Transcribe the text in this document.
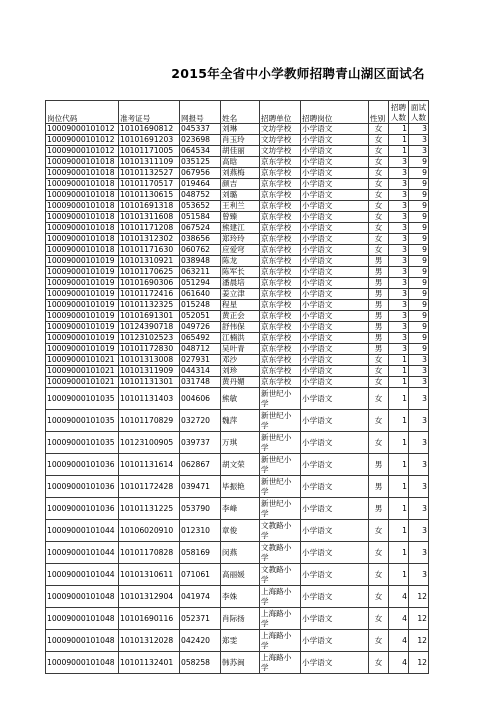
2015年全省中小学教师招聘青山湖区面试名
岗位代码	准考证号	网报号	姓名	招聘单位	招聘岗位	性别	招聘
人数	面试
人数

10009000101012	10101690812	045337	刘琳	文坊学校	小学语文	女	1	3
10009000101012	10101691203	023698	肖玉玲	文坊学校	小学语文	女	1	3
10009000101012	10101171005	064534	胡佳丽	文坊学校	小学语文	女	1	3
10009000101018	10101311109	035125	高晗	京东学校	小学语文	女	3	9
10009000101018	10101132527	067956	刘燕梅	京东学校	小学语文	女	3	9
10009000101018	10101170517	019464	颜吉	京东学校	小学语文	女	3	9
10009000101018	10101130615	048752	刘璐	京东学校	小学语文	女	3	9
10009000101018	10101691318	053652	王利兰	京东学校	小学语文	女	3	9
10009000101018	10101311608	051584	曾臻	京东学校	小学语文	女	3	9
10009000101018	10101171208	067524	熊建江	京东学校	小学语文	女	3	9
10009000101018	10101312302	038656	郑玲玲	京东学校	小学语文	女	3	9
10009000101018	10101171630	060762	应爱穹	京东学校	小学语文	女	3	9
10009000101019	10101310921	038948	陈龙	京东学校	小学语文	男	3	9
10009000101019	10101170625	063211	陈军长	京东学校	小学语文	男	3	9
10009000101019	10101690306	051294	潘晨培	京东学校	小学语文	男	3	9
10009000101019	10101172416	061640	姜立津	京东学校	小学语文	男	3	9
10009000101019	10101132325	015248	程星	京东学校	小学语文	男	3	9
10009000101019	10101691301	052051	黄正会	京东学校	小学语文	男	3	9
10009000101019	10124390718	049726	舒伟保	京东学校	小学语文	男	3	9
10009000101019	10123102523	065492	江楠洪	京东学校	小学语文	男	3	9
10009000101019	10101172830	048712	吴叶青	京东学校	小学语文	男	3	9
10009000101021	10101313008	027931	邓沙	京东学校	小学语文	女	1	3
10009000101021	10101311909	044314	刘珍	京东学校	小学语文	女	1	3
10009000101021	10101131301	031748	黄丹媚	京东学校	小学语文	女	1	3
10009000101035	10101131403	004606	熊敏	新世纪小
学	小学语文	女	1	3
10009000101035	10101170829	032720	魏萍	新世纪小
学	小学语文	女	1	3
10009000101035	10123100905	039737	万琪	新世纪小
学	小学语文	女	1	3
10009000101036	10101131614	062867	胡文荣	新世纪小
学	小学语文	男	1	3
10009000101036	10101172428	039471	毕振艳	新世纪小
学	小学语文	男	1	3
10009000101036	10101131225	053790	李峰	新世纪小
学	小学语文	男	1	3
10009000101044	10106020910	012310	章俊	文教路小
学	小学语文	女	1	3
10009000101044	10101170828	058169	闵燕	文教路小
学	小学语文	女	1	3
10009000101044	10101310611	071061	高丽媛	文教路小
学	小学语文	女	1	3
10009000101048	10101312904	041974	李姝	上海路小
学	小学语文	女	4	12
10009000101048	10101690116	052371	肖际扬	上海路小
学	小学语文	女	4	12
10009000101048	10101312028	042420	郑雯	上海路小
学	小学语文	女	4	12
10009000101048	10101132401	058258	韩苏闽	上海路小
学	小学语文	女	4	12
